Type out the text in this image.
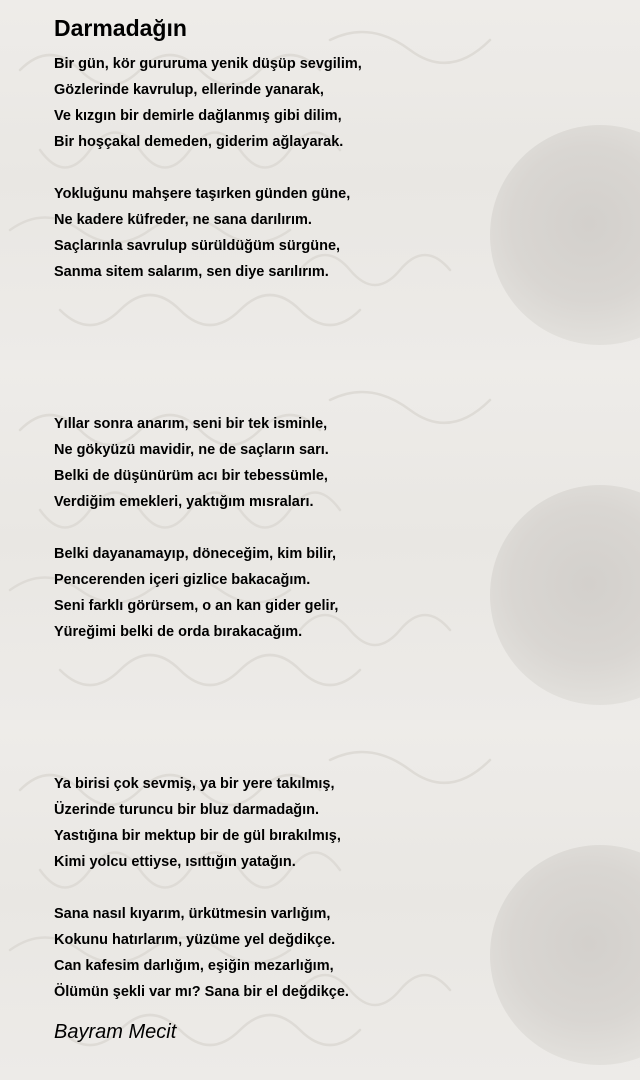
Darmadağın
Bir gün, kör gururuma yenik düşüp sevgilim,
Gözlerinde kavrulup, ellerinde yanarak,
Ve kızgın bir demirle dağlanmış gibi dilim,
Bir hoşçakal demeden, giderim ağlayarak.
Yokluğunu mahşere taşırken günden güne,
Ne kadere küfreder, ne sana darılırım.
Saçlarınla savrulup sürüldüğüm sürgüne,
Sanma sitem salarım, sen diye sarılırım.
Yıllar sonra anarım, seni bir tek isminle,
Ne gökyüzü mavidir, ne de saçların sarı.
Belki de düşünürüm acı bir tebessümle,
Verdiğim emekleri, yaktığım mısraları.
Belki dayanamayıp, döneceğim, kim bilir,
Pencerenden içeri gizlice bakacağım.
Seni farklı görürsem, o an kan gider gelir,
Yüreğimi belki de orda bırakacağım.
Ya birisi çok sevmiş, ya bir yere takılmış,
Üzerinde turuncu bir bluz darmadağın.
Yastığına bir mektup bir de gül bırakılmış,
Kimi yolcu ettiyse, ısıttığın yatağın.
Sana nasıl kıyarım, ürkütmesin varlığım,
Kokunu hatırlarım, yüzüme yel değdikçe.
Can kafesim darlığım, eşiğin mezarlığım,
Ölümün şekli var mı? Sana bir el değdikçe.
Bayram Mecit
